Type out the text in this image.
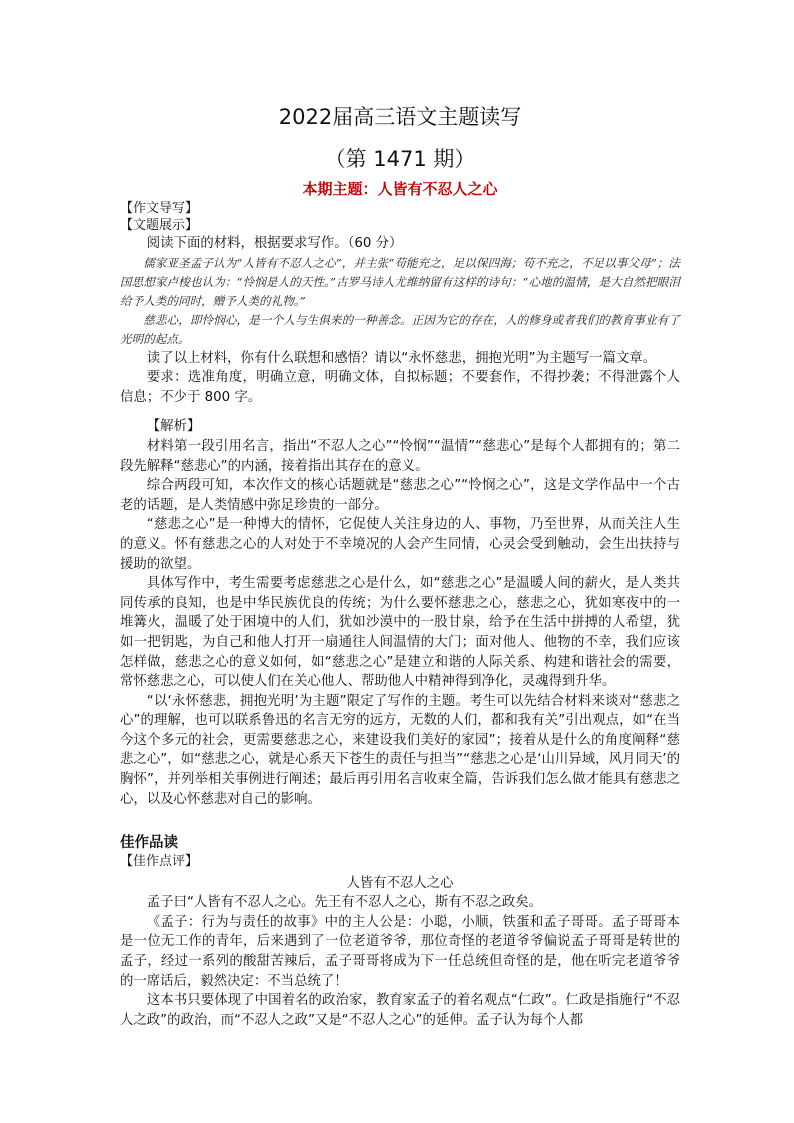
2022届高三语文主题读写
（第 1471 期）
本期主题：人皆有不忍人之心
【作文导写】
【文题展示】

阅读下面的材料，根据要求写作。（60 分）

儒家亚圣孟子认为“人皆有不忍人之心”，并主张“苟能充之，足以保四海；苟不充之，不足以事父母”；法国思想家卢梭也认为：“怜悯是人的天性。”古罗马诗人尤维纳留有这样的诗句：“心地的温情，是大自然把眼泪给予人类的同时，赠予人类的礼物。”

慈悲心，即怜悯心，是一个人与生俱来的一种善念。正因为它的存在，人的修身或者我们的教育事业有了光明的起点。

读了以上材料，你有什么联想和感悟？请以“永怀慈悲，拥抱光明”为主题写一篇文章。

要求：选准角度，明确立意，明确文体，自拟标题；不要套作，不得抄袭；不得泄露个人信息；不少于 800 字。

【解析】

材料第一段引用名言，指出“不忍人之心”“怜悯”“温情”“慈悲心”是每个人都拥有的；第二段先解释“慈悲心”的内涵，接着指出其存在的意义。

综合两段可知，本次作文的核心话题就是“慈悲之心”“怜悯之心”，这是文学作品中一个古老的话题，是人类情感中弥足珍贵的一部分。

“慈悲之心”是一种博大的情怀，它促使人关注身边的人、事物，乃至世界，从而关注人生的意义。怀有慈悲之心的人对处于不幸境况的人会产生同情，心灵会受到触动，会生出扶持与援助的欲望。

具体写作中，考生需要考虑慈悲之心是什么，如“慈悲之心”是温暖人间的薪火，是人类共同传承的良知，也是中华民族优良的传统；为什么要怀慈悲之心，慈悲之心，犹如寒夜中的一堆篝火，温暖了处于困境中的人们，犹如沙漠中的一股甘泉，给予在生活中拼搏的人希望，犹如一把钥匙，为自己和他人打开一扇通往人间温情的大门；面对他人、他物的不幸，我们应该怎样做，慈悲之心的意义如何，如“慈悲之心”是建立和谐的人际关系、构建和谐社会的需要，常怀慈悲之心，可以使人们在关心他人、帮助他人中精神得到净化，灵魂得到升华。

“以‘永怀慈悲，拥抱光明’为主题”限定了写作的主题。考生可以先结合材料来谈对“慈悲之心”的理解，也可以联系鲁迅的名言无穷的远方，无数的人们，都和我有关”引出观点，如“在当今这个多元的社会，更需要慈悲之心，来建设我们美好的家园”；接着从是什么的角度阐释“慈悲之心”，如“慈悲之心，就是心系天下苍生的责任与担当”“慈悲之心是‘山川异域，风月同天’的胸怀”，并列举相关事例进行阐述；最后再引用名言收束全篇，告诉我们怎么做才能具有慈悲之心，以及心怀慈悲对自己的影响。

佳作品读
【佳作点评】
人皆有不忍人之心

孟子曰“人皆有不忍人之心。先王有不忍人之心，斯有不忍之政矣。

《孟子：行为与责任的故事》中的主人公是：小聪，小顺，铁蛋和孟子哥哥。孟子哥哥本是一位无工作的青年，后来遇到了一位老道爷爷，那位奇怪的老道爷爷偏说孟子哥哥是转世的孟子，经过一系列的酸甜苦辣后，孟子哥哥将成为下一任总统但奇怪的是，他在听完老道爷爷的一席话后，毅然决定：不当总统了！

这本书只要体现了中国着名的政治家，教育家孟子的着名观点“仁政”。仁政是指施行“不忍人之政”的政治，而“不忍人之政”又是“不忍人之心”的延伸。孟子认为每个人都
